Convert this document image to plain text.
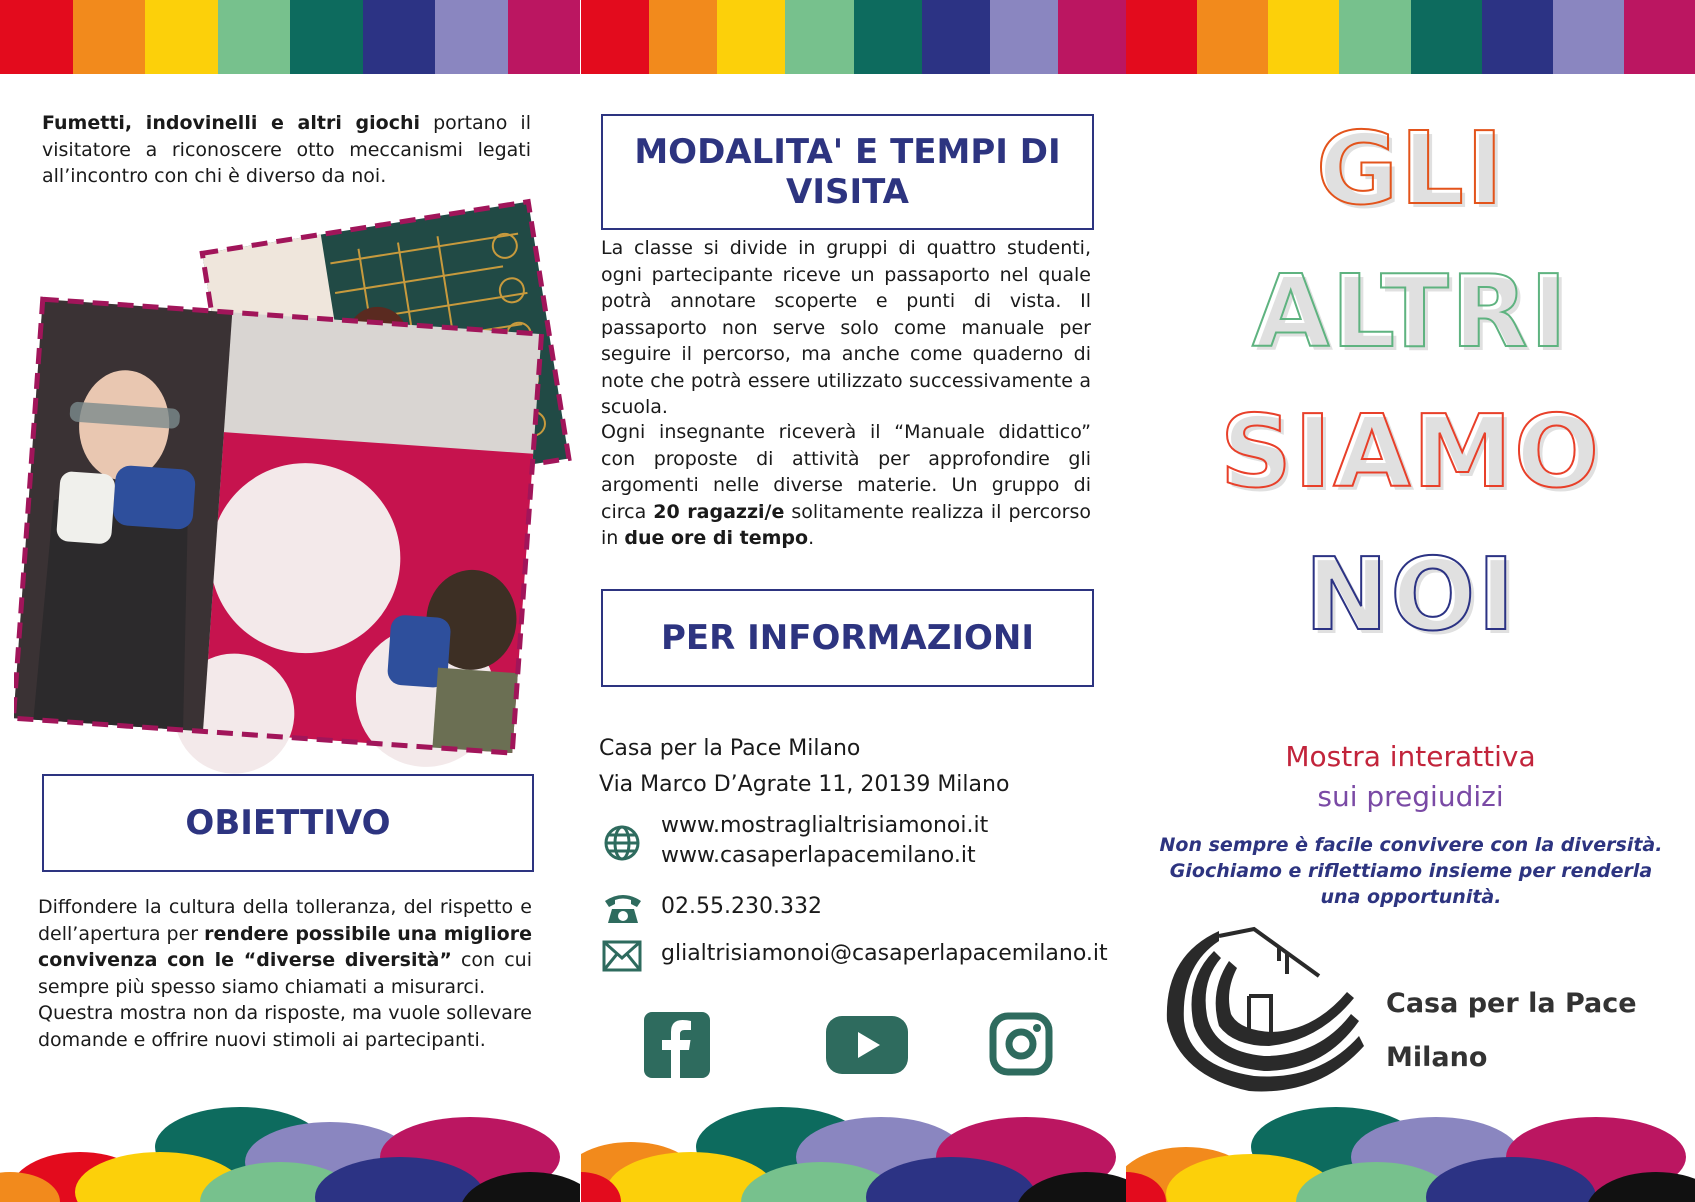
Fumetti, indovinelli e altri giochi portano il visitatore a riconoscere otto meccanismi legati all’incontro con chi è diverso da noi.
OBIETTIVO
Diffondere la cultura della tolleranza, del rispetto e dell’apertura per rendere possibile una migliore convivenza con le “diverse diversità” con cui sempre più spesso siamo chiamati a misurarci.
Questra mostra non da risposte, ma vuole sollevare domande e offrire nuovi stimoli ai partecipanti.
MODALITA' E TEMPI DI VISITA
La classe si divide in gruppi di quattro studenti, ogni partecipante riceve un passaporto nel quale potrà annotare scoperte e punti di vista. Il passaporto non serve solo come manuale per seguire il percorso, ma anche come quaderno di note che potrà essere utilizzato successivamente a scuola.
Ogni insegnante riceverà il “Manuale didattico” con proposte di attività per approfondire gli argomenti nelle diverse materie. Un gruppo di circa 20 ragazzi/e solitamente realizza il percorso in due ore di tempo.
PER INFORMAZIONI
Casa per la Pace Milano
Via Marco D’Agrate 11, 20139 Milano
www.mostraglialtrisiamonoi.it
www.casaperlapacemilano.it
02.55.230.332
glialtrisiamonoi@casaperlapacemilano.it
GLI
ALTRI
SIAMO
NOI
Mostra interattiva
sui pregiudizi
Non sempre è facile convivere con la diversità. Giochiamo e riflettiamo insieme per renderla una opportunità.
Casa per la Pace
Milano
